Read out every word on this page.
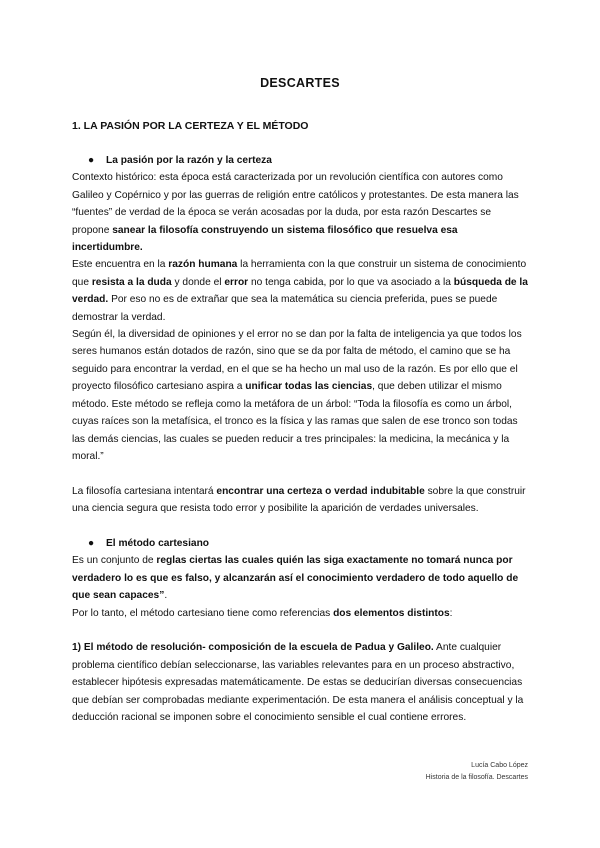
DESCARTES
1. LA PASIÓN POR LA CERTEZA Y EL MÉTODO

● La pasión por la razón y la certeza

Contexto histórico: esta época está caracterizada por un revolución científica con autores como Galileo y Copérnico y por las guerras de religión entre católicos y protestantes. De esta manera las “fuentes” de verdad de la época se verán acosadas por la duda, por esta razón Descartes se propone sanear la filosofía construyendo un sistema filosófico que resuelva esa incertidumbre.

Este encuentra en la razón humana la herramienta con la que construir un sistema de conocimiento que resista a la duda y donde el error no tenga cabida, por lo que va asociado a la búsqueda de la verdad. Por eso no es de extrañar que sea la matemática su ciencia preferida, pues se puede demostrar la verdad.

Según él, la diversidad de opiniones y el error no se dan por la falta de inteligencia ya que todos los seres humanos están dotados de razón, sino que se da por falta de método, el camino que se ha seguido para encontrar la verdad, en el que se ha hecho un mal uso de la razón. Es por ello que el proyecto filosófico cartesiano aspira a unificar todas las ciencias, que deben utilizar el mismo método. Este método se refleja como la metáfora de un árbol: “Toda la filosofía es como un árbol, cuyas raíces son la metafísica, el tronco es la física y las ramas que salen de ese tronco son todas las demás ciencias, las cuales se pueden reducir a tres principales: la medicina, la mecánica y la moral.”

La filosofía cartesiana intentará encontrar una certeza o verdad indubitable sobre la que construir una ciencia segura que resista todo error y posibilite la aparición de verdades universales.

● El método cartesiano

Es un conjunto de reglas ciertas las cuales quién las siga exactamente no tomará nunca por verdadero lo es que es falso, y alcanzarán así el conocimiento verdadero de todo aquello de que sean capaces”.

Por lo tanto, el método cartesiano tiene como referencias dos elementos distintos:

1) El método de resolución- composición de la escuela de Padua y Galileo. Ante cualquier problema científico debían seleccionarse, las variables relevantes para en un proceso abstractivo, establecer hipótesis expresadas matemáticamente. De estas se deducirían diversas consecuencias que debían ser comprobadas mediante experimentación. De esta manera el análisis conceptual y la deducción racional se imponen sobre el conocimiento sensible el cual contiene errores.

Lucía Cabo López
Historia de la filosofía. Descartes
